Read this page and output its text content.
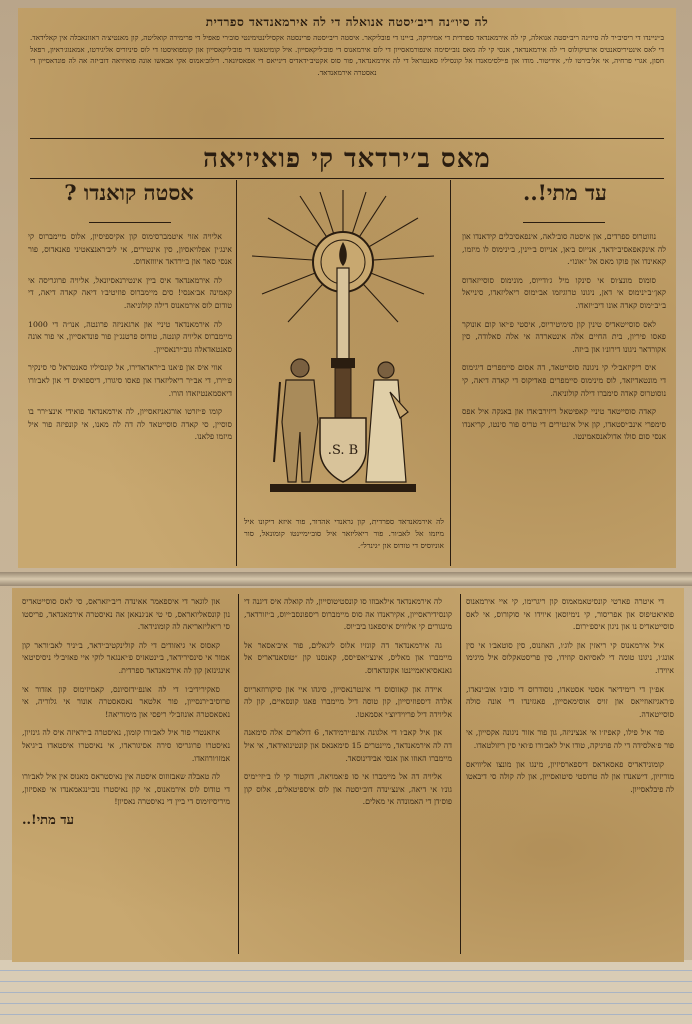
לה סיו״נה ריב׳יסטה אנואלה די לה אירמאנדאד ספרדית
ב׳יניינדו די ריסיב׳יר לה סיו״נה ריב׳יסטה אנואלה, קי לה אירמאנדאד ספרדית די אמיריקה, ב׳יינו די פובליקאר. איסטה ריב׳יסטה פרינסטה אקסילינטימינטי סוב׳רי פאפיל די פרימירה קואליטה, קון מאנטיצ׳ה ראזונאבלה אין קאלידאד. די לאס אינטיריסאנטיס ארטיקולוס די לה אירמאנדאד, אנסי קי לה מאס נוב׳יסימה אינפורמאסייון די לוס אירמאנוס די פוב׳ליקאסייון. איל קומיטאטו די פוב׳ליקאסייון און קומפואיסטו די לוס סיניוריס אליגירטו, אמאנוג׳ראיון, רפאל חסון, אגרי פרחיה, אי אל׳בירטו לוי, אידיטור. מודו און פ׳ילסימאנדו אל קונסיליו סאנטראל די לה אירמאנדאד, פור סוס אקטיב׳ידאדיס דינייאס די אפאסיונאר. רילוב׳אמוס אקי אבאשו אונה פואיזיאה דוב׳יזה אה לה פונדאסייון די נאסטרה אירמאנדאד.
מאס ב׳ירדאד קי פואיזיאה
עד מתי!..

נוזוטרוס ספרדים, און איסטה סוב׳לאה, אינפאסיבלים קידאנדו און לה אינקאפאסיב׳ידאד, אנייוס ב׳אן, אנייוס ב׳יינין, ב׳ינימוס לו מיזמו, קאאינדו און פוקו מאס אל ״אונו״.

סומוס מונצ׳וס אי סינקו מיל ג׳ודייוס, מונימוס סוסייזאדוס קאן׳׳ב׳ינימוס אי דאן, ניגונו טרוגיזמו אב׳ימוס ריאליזאדו, סינייאל ב׳יב׳ימוס קאדה אונו דיב׳יזאדו.

לאס סוסייטאדיס טינין קון סימיטיריוס, איסטי פ׳יאו קום אונוקר פאסו פיריון, בית החיים אלה אינטארדה אי אלה סאלודה, סין אקורדאר ניגונו דירונ׳ו און ב׳יזה.

איס ריקיזאב׳לי קי ניגונה סוסייטאד, דה אסום סיימפרים דיגימוס די מונטאדיזאד, לוס מינימוס סיימפרים פאדיקוס די קאדה דיאה, קי נוסוטרוס קאדה סימברו דילה קולוניאה.

קאדה סוסייטאד טיניי קאפיטאל ריזירב׳אדו און באנקה איל אפס סימפרי אינב׳יסטאדו, קון איל אינטירים די טריס פור סינטו, קריאנדו אנסי סום סולו אדולאנסאמינטו.

S. B.
לה אירמאנדאד ספרדית, קון גראנדי אהדור, פור איזא דיקונו איל מיזמו אל לאב׳ור. פור ריאליזאר איל סוב׳ימיינטו קומונאל, סור אוניוסיס די טודוס און ״גינרל״.
אסטה קואנדו ?

אליויה אזוי איטמברסימוס קון אקיספיסיון, אלוס מיימברוס קי אינג׳ין אפלויאסיון, סין אינטירים, אי ליב׳ראנצאטיני פאנאדוס, פור אנסי סאר און ב׳ירדאד איווזאדוס.

לה אירמאנדאד איס ביין אינטירנאסיונאל, אליויה פרוגריסה אי קאמינה אב׳אנסי! סים מיימברוס פוזיטיב׳ו דיאה קאדה דיאה, די טודום לוס אירמאנוס דילה קולוניאה.

לה אירמאנדאד טיניי און ארגאניזה פרונטה, אנו״ה די 1000 מיימברוס אליויה קונטה, טודוס פרטנג׳ין פור פונדאסייון, אי פור אונה סאנטאדאלה גוב׳ירנאסייון.

אווי איס און פ׳אנו ב׳יראדאדירו, אל קונסיליו סאנטראל סי סינקיר פ׳יירו, די אב׳יר ריאליזאדו און פאסו סיגורו, דיספואיס די און לאב׳ורו דיאסמאנטיזאדו הורו.

קומו פ׳יזרטו אורגאניזאסייון, לה אירמאנדאד פואידי אינצ׳ירר בו סוסיין, סי קאדה סוסייטאד לה דה לה מאנו, אי קונפיזה פור איל מיזמו פלאנו.

די איטרה פארטי קונסיטאמאמוס קון ריגרימו, קי איי אירמאנוס פואיאטיפוס און אפריסור, קי נימיוסאן איוידו אי סוקורוס, אי לאס סוסייטאדיס נו און ניגון איספ׳ירום.

איל אירמאנוס קי ריאזין און לוג׳ו, האוזנוס, סין סוטאב׳ו אי סין אונג׳ו, ניגונו טומה די לאסיואס קוזידו, סין פריסטאקלוס איל מיגימו איוידו.

אפ׳ין די רימידיאר אסטי אסטאדו, נוסודרוס די סוב׳ו אוב׳ינאדו, פ׳ראגיזאוזייאס און זויס אוסימאסייון, פאגזינדו די אונה סולה סוסייטאדה.

פור איל פילו, קאפיז׳ו אי אנציניזה, גון פור אזור ניגונה אקסייון, אי פור פ׳אלסידה די לה פויניקה, טודו איל לאב׳ורו פ׳ואי סין ריזולטאדו.

קומונידאדיס פאסאדאס דיספארסיזיון, מינגו און מונצו אליוויאס מוריזיון, דישאנדו און לה טרוסטי סיטואסייון, און לה קולה סי דיבאטו לה פיבלאסייון.

לה אירמאנדאד אילאבוזו סו קונסטיטוסייון, לה קואלה איס דיגנה די קונסידיראסייון, אקיראנדו אה סוס מיימברוס ריספונסב׳ייוס, ב׳יזורדאד, מינגורים קי אליוויס איספאנו ביב׳יוס.

גה אירמאנדאד דה קונזיו אלוס ליגאלים, פור איב׳אסאר אל מיימברו און מאליס, אינצ׳יאפ׳יסס, קאנסנו קון ״טוסאנדאריס אל גאנאסיאיאמיינטו אקונדאדוס.

איידה און קאזוסוס די אינטרנאסייון, סיגהו איי און סיקורוזאריוס אלדה דיספוזיסייון, קון טוסה דיל מיימברו פאגו קונסאיים, קון לה אליוידה דיל פריוידיוצ׳י אסמאטו.

און איל קאב׳ו די אלגונה אינפ׳ירמידאד, 6 דולארים אלה סימאנה דה לה אירמאנדאד, מיינטרים 15 סימאנאס און קונטינואידאד, אי איל מיימברו האוזו און אנסי אבידינוסאד.

אליויה דה אל מיימברו אי סו פ׳אמויאה, דוקטור קי לו ב׳יזי׳ימיס גונ׳ו אי דיאה, אינצ׳ינדה דוב׳יסטה און לוס איספיטאלים, אלוס קון פוס׳דן די האמונדה אי מאלים.

און לוגאר די איספאמר אאינדה ריב׳יזאראס, סי לאס סוסייטאדיס נון קונסאליואראס, סי טי אנ׳גנאאן אה נאיסטרה אירמאנדאד, פריסטו סי ריאליזאריאה לה קומונידאד.

קאסוס אי גיאזודים די לה קולינקטיב׳ידאד, ב׳יניר לאב׳וראר קון אמור אי סינסירידאד, ב׳ינטאזיס פ׳יאנגאר לוקי איי פאזיב׳לי ניסיסיטאי אינגינזאן קון לה אירמאנדאד ספרדית.

סאקירידיב׳ו די לה אונפ׳ידזסיונס, קאמיזימוס קון אזדור אי פרוסיב׳ירנסייון, פור אלטאר נאסאסטרה אונור אי גלוריה, אי נאסאסטרה אונוזב׳לי ריפסי און מימוריאה!

איזאנטרי פור איל לאב׳ורו קומון, נאיסטרה ב׳יראיזה איס לה גינזיון, נאיסטרו פרוגריסו סירה אסיגוראדו, אי נאיסטרו איסטאדו ב׳יגיאל אמזו׳ורוזאדו.

לה טאבלה שאבזוזוס איסטה אין נאיסטראס מאנוס אין איל לאב׳ורו די טודוס לוס אירמאנוס, אי קון נאיסטרו נוב׳ינגאמאנדו אי פאסיזון, מיריסיזימוס די ביין די נאיסטרה נאסיון!

עד מתי!..
